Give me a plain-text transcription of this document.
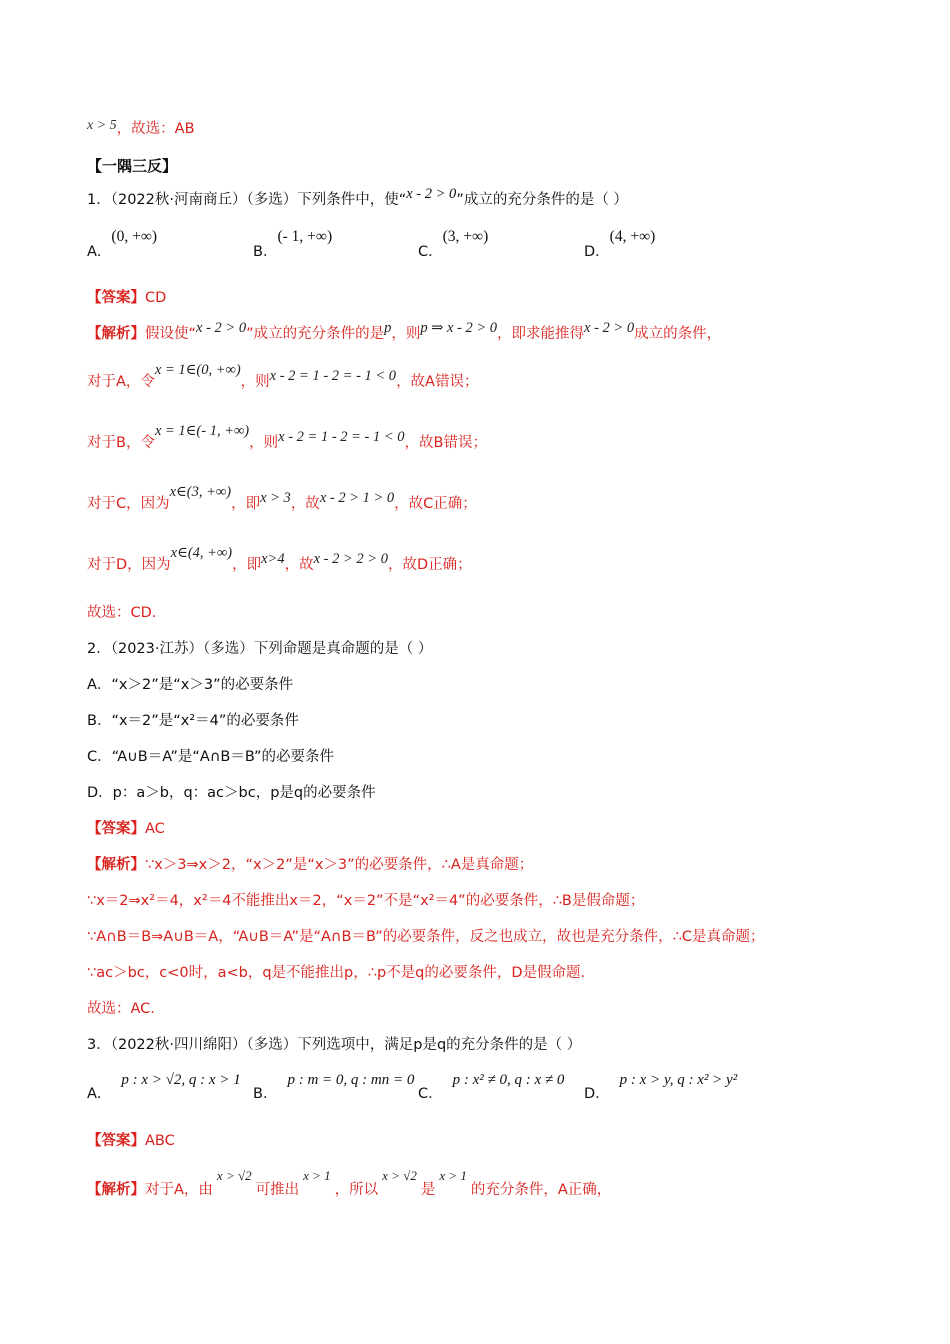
x > 5，故选：AB
【一隅三反】
1．（2022秋·河南商丘）（多选）下列条件中，使“x - 2 > 0”成立的充分条件的是（ ）
A．(0, +∞)
B．(- 1, +∞)
C．(3, +∞)
D．(4, +∞)
【答案】CD
【解析】假设使“x - 2 > 0”成立的充分条件的是p，则p ⇒ x - 2 > 0，即求能推得x - 2 > 0成立的条件，
对于A，令x = 1∈(0, +∞)，则x - 2 = 1 - 2 = - 1 < 0，故A错误；
对于B，令x = 1∈(- 1, +∞)，则x - 2 = 1 - 2 = - 1 < 0，故B错误；
对于C，因为x∈(3, +∞)，即x > 3，故x - 2 > 1 > 0，故C正确；
对于D，因为x∈(4, +∞)，即x>4，故x - 2 > 2 > 0，故D正确；
故选：CD.
2．（2023·江苏）（多选）下列命题是真命题的是（ ）
A．“x＞2”是“x＞3”的必要条件
B．“x＝2”是“x²＝4”的必要条件
C．“A∪B＝A”是“A∩B＝B”的必要条件
D．p：a＞b，q：ac＞bc，p是q的必要条件
【答案】AC
【解析】∵x＞3⇒x＞2，“x＞2”是“x＞3”的必要条件，∴A是真命题；
∵x＝2⇒x²＝4，x²＝4不能推出x＝2，“x＝2”不是“x²＝4”的必要条件，∴B是假命题；
∵A∩B＝B⇒A∪B＝A，“A∪B＝A”是“A∩B＝B”的必要条件，反之也成立，故也是充分条件，∴C是真命题；
∵ac＞bc，c<0时，a<b，q是不能推出p，∴p不是q的必要条件，D是假命题.
故选：AC.
3．（2022秋·四川绵阳）（多选）下列选项中，满足p是q的充分条件的是（ ）
A．p : x > √2, q : x > 1
B．p : m = 0, q : mn = 0
C．p : x² ≠ 0, q : x ≠ 0
D．p : x > y, q : x² > y²
【答案】ABC
【解析】对于A，由x > √2可推出x > 1，所以x > √2是x > 1的充分条件，A正确，
